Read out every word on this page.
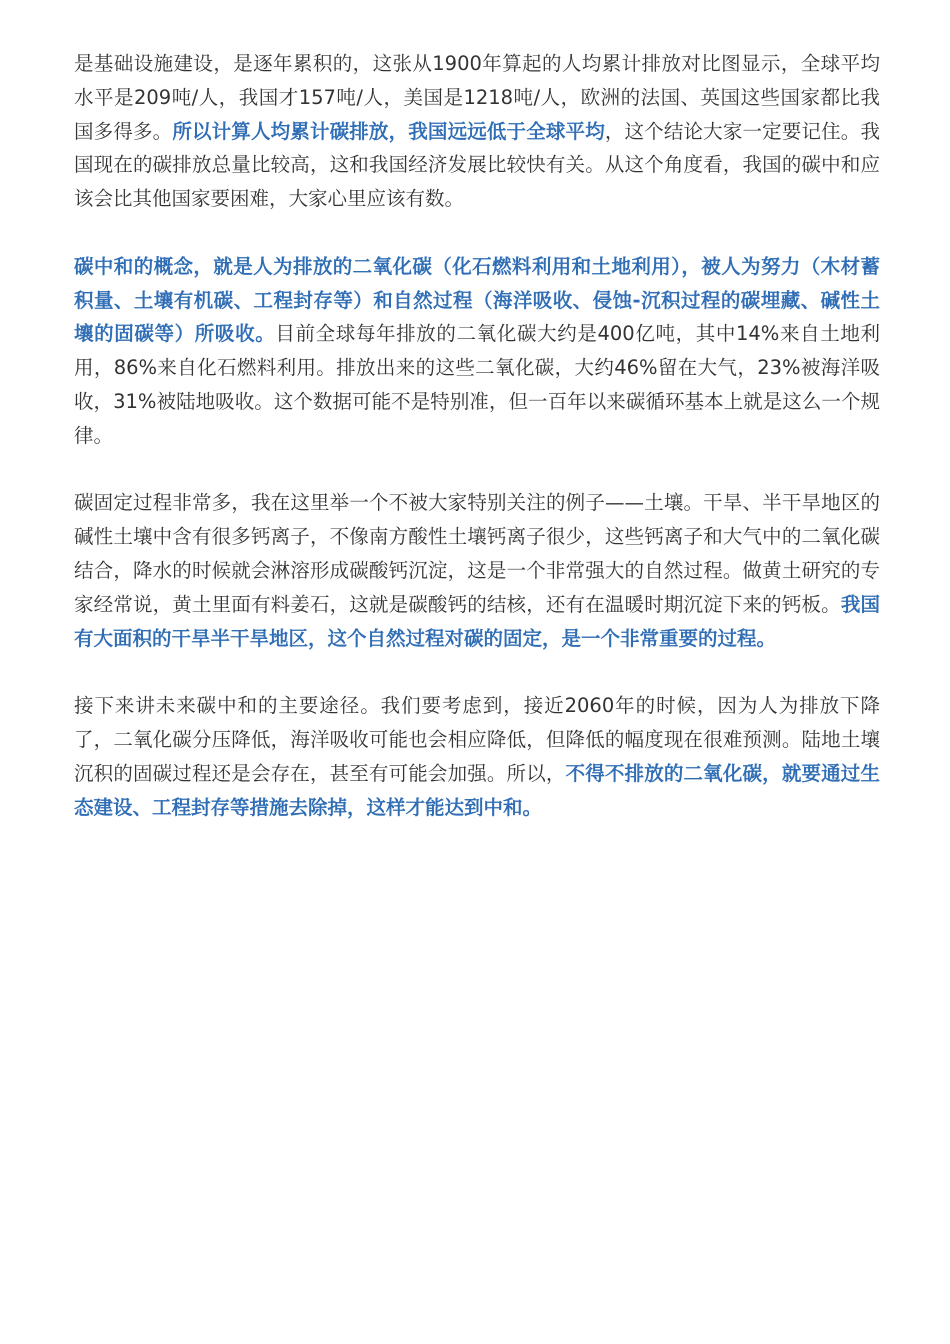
是基础设施建设，是逐年累积的，这张从1900年算起的人均累计排放对比图显示，全球平均水平是209吨/人，我国才157吨/人，美国是1218吨/人，欧洲的法国、英国这些国家都比我国多得多。所以计算人均累计碳排放，我国远远低于全球平均，这个结论大家一定要记住。我国现在的碳排放总量比较高，这和我国经济发展比较快有关。从这个角度看，我国的碳中和应该会比其他国家要困难，大家心里应该有数。

碳中和的概念，就是人为排放的二氧化碳（化石燃料利用和土地利用），被人为努力（木材蓄积量、土壤有机碳、工程封存等）和自然过程（海洋吸收、侵蚀-沉积过程的碳埋藏、碱性土壤的固碳等）所吸收。目前全球每年排放的二氧化碳大约是400亿吨，其中14%来自土地利用，86%来自化石燃料利用。排放出来的这些二氧化碳，大约46%留在大气，23%被海洋吸收，31%被陆地吸收。这个数据可能不是特别准，但一百年以来碳循环基本上就是这么一个规律。

碳固定过程非常多，我在这里举一个不被大家特别关注的例子——土壤。干旱、半干旱地区的碱性土壤中含有很多钙离子，不像南方酸性土壤钙离子很少，这些钙离子和大气中的二氧化碳结合，降水的时候就会淋溶形成碳酸钙沉淀，这是一个非常强大的自然过程。做黄土研究的专家经常说，黄土里面有料姜石，这就是碳酸钙的结核，还有在温暖时期沉淀下来的钙板。我国有大面积的干旱半干旱地区，这个自然过程对碳的固定，是一个非常重要的过程。

接下来讲未来碳中和的主要途径。我们要考虑到，接近2060年的时候，因为人为排放下降了，二氧化碳分压降低，海洋吸收可能也会相应降低，但降低的幅度现在很难预测。陆地土壤沉积的固碳过程还是会存在，甚至有可能会加强。所以，不得不排放的二氧化碳，就要通过生态建设、工程封存等措施去除掉，这样才能达到中和。
